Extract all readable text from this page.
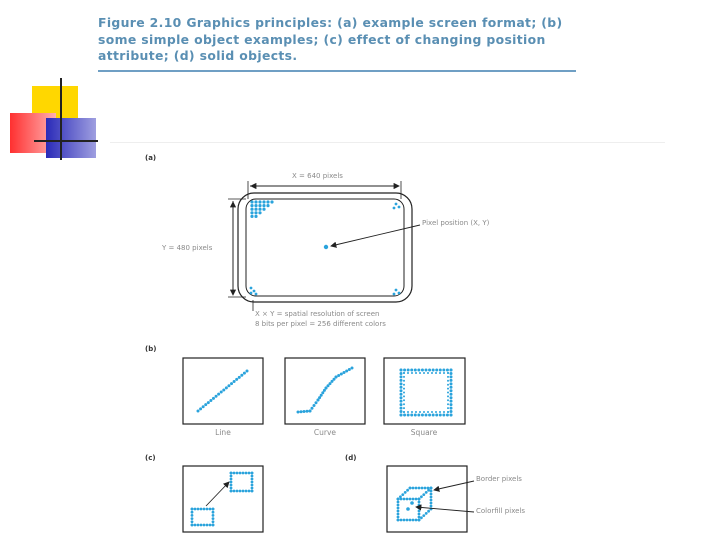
Figure 2.10 Graphics principles: (a) example screen format; (b) some simple object examples; (c) effect of changing position attribute; (d) solid objects.
(a)
(b)
(c)	(d)
X = 640 pixels
Y = 480 pixels
Pixel position (X, Y)
X × Y = spatial resolution of screen
8 bits per pixel = 256 different colors
Line	Curve	Square
Border pixels
Colorfill pixels
